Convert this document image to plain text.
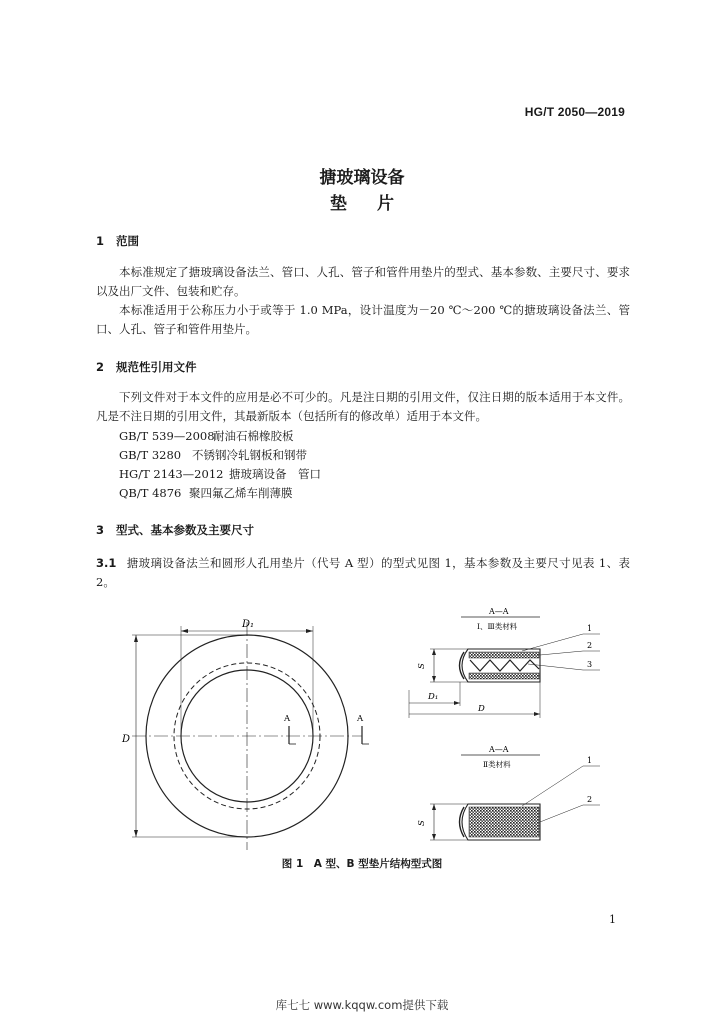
HG/T 2050—2019
搪玻璃设备
垫片
1 范围

本标准规定了搪玻璃设备法兰、管口、人孔、管子和管件用垫片的型式、基本参数、主要尺寸、要求以及出厂文件、包装和贮存。

本标准适用于公称压力小于或等于 1.0 MPa，设计温度为－20 ℃～200 ℃的搪玻璃设备法兰、管口、人孔、管子和管件用垫片。

2 规范性引用文件

下列文件对于本文件的应用是必不可少的。凡是注日期的引用文件，仅注日期的版本适用于本文件。凡是不注日期的引用文件，其最新版本（包括所有的修改单）适用于本文件。

GB/T 539—2008耐油石棉橡胶板
GB/T 3280 不锈钢冷轧钢板和钢带
HG/T 2143—2012 搪玻璃设备　管口
QB/T 4876 聚四氟乙烯车削薄膜
3 型式、基本参数及主要尺寸
3.1 搪玻璃设备法兰和圆形人孔用垫片（代号 A 型）的型式见图 1，基本参数及主要尺寸见表 1、表 2。
D₁
D
A	A
A—A
Ⅰ、Ⅲ类材料
S
D₁
D
1
2
3
A—A
Ⅱ类材料
S
1
2
图 1　A 型、B 型垫片结构型式图
1
库七七 www.kqqw.com提供下载
